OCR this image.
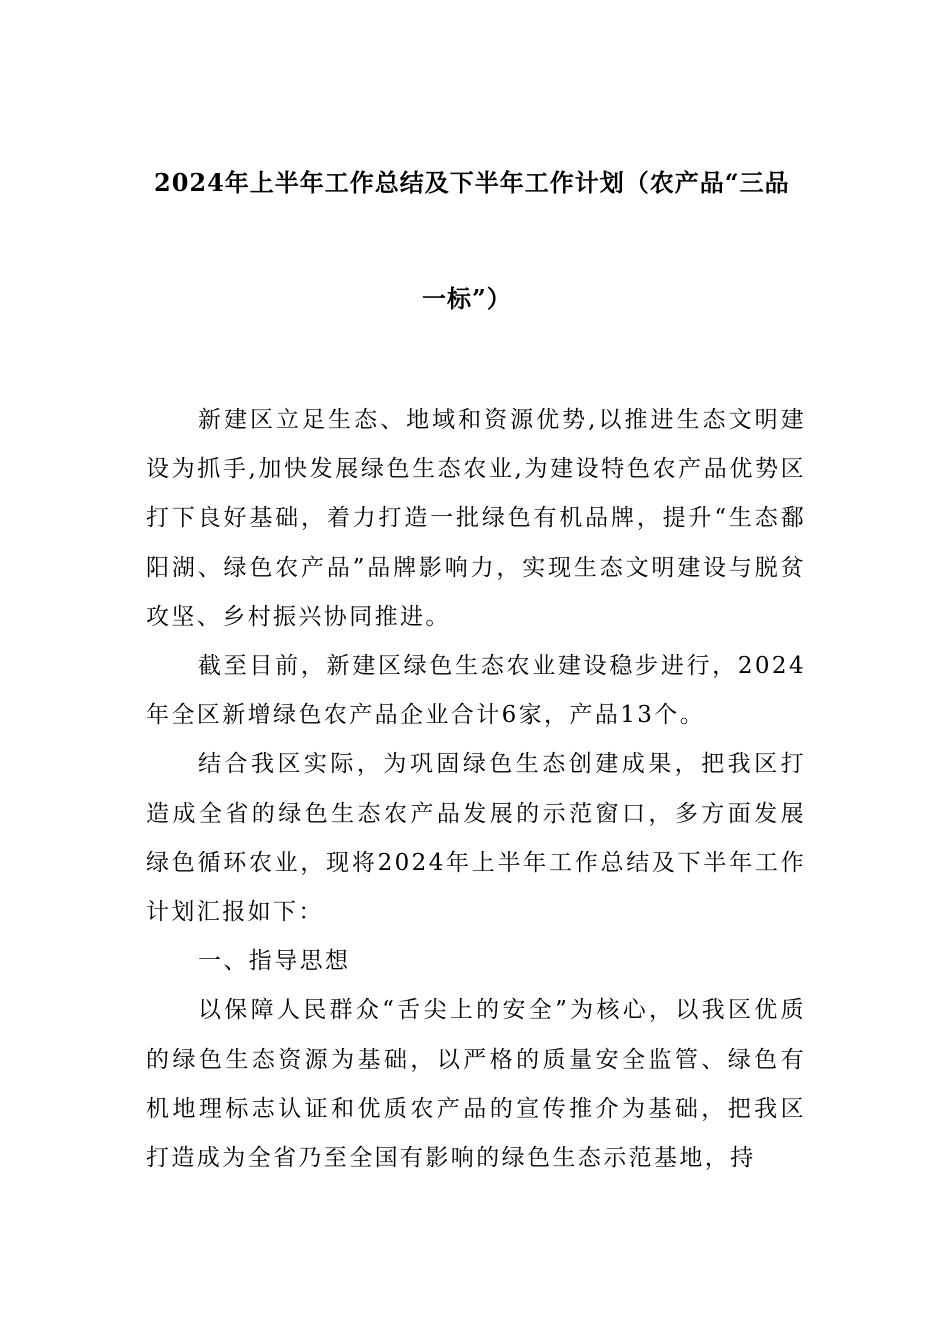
2024年上半年工作总结及下半年工作计划（农产品“三品
一标”）

新建区立足生态、地域和资源优势,以推进生态文明建设为抓手,加快发展绿色生态农业,为建设特色农产品优势区打下良好基础，着力打造一批绿色有机品牌，提升“生态鄱阳湖、绿色农产品”品牌影响力，实现生态文明建设与脱贫攻坚、乡村振兴协同推进。

截至目前，新建区绿色生态农业建设稳步进行，2024年全区新增绿色农产品企业合计6家，产品13个。

结合我区实际，为巩固绿色生态创建成果，把我区打造成全省的绿色生态农产品发展的示范窗口，多方面发展绿色循环农业，现将2024年上半年工作总结及下半年工作计划汇报如下：

一、指导思想

以保障人民群众“舌尖上的安全”为核心，以我区优质的绿色生态资源为基础，以严格的质量安全监管、绿色有机地理标志认证和优质农产品的宣传推介为基础，把我区打造成为全省乃至全国有影响的绿色生态示范基地，持
